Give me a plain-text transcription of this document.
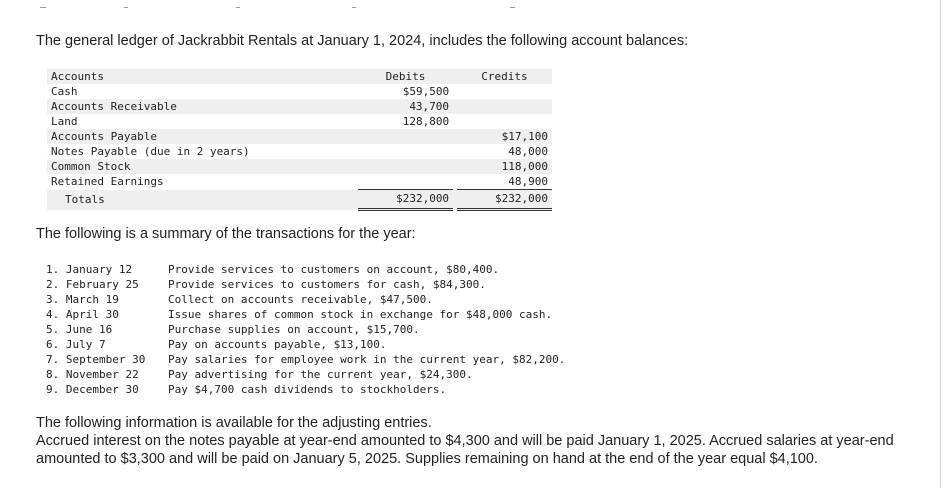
The general ledger of Jackrabbit Rentals at January 1, 2024, includes the following account balances:

Accounts	Debits		Credits
Cash	$59,500		
Accounts Receivable	43,700		
Land	128,800		
Accounts Payable			$17,100
Notes Payable (due in 2 years)			48,000
Common Stock			118,000
Retained Earnings			48,900
Totals	$232,000		$232,000

The following is a summary of the transactions for the year:

1. January 12	Provide services to customers on account, $80,400.
2. February 25	Provide services to customers for cash, $84,300.
3. March 19	Collect on accounts receivable, $47,500.
4. April 30	Issue shares of common stock in exchange for $48,000 cash.
5. June 16	Purchase supplies on account, $15,700.
6. July 7	Pay on accounts payable, $13,100.
7. September 30	Pay salaries for employee work in the current year, $82,200.
8. November 22	Pay advertising for the current year, $24,300.
9. December 30	Pay $4,700 cash dividends to stockholders.

The following information is available for the adjusting entries.

Accrued interest on the notes payable at year-end amounted to $4,300 and will be paid January 1, 2025. Accrued salaries at year-end amounted to $3,300 and will be paid on January 5, 2025. Supplies remaining on hand at the end of the year equal $4,100.
